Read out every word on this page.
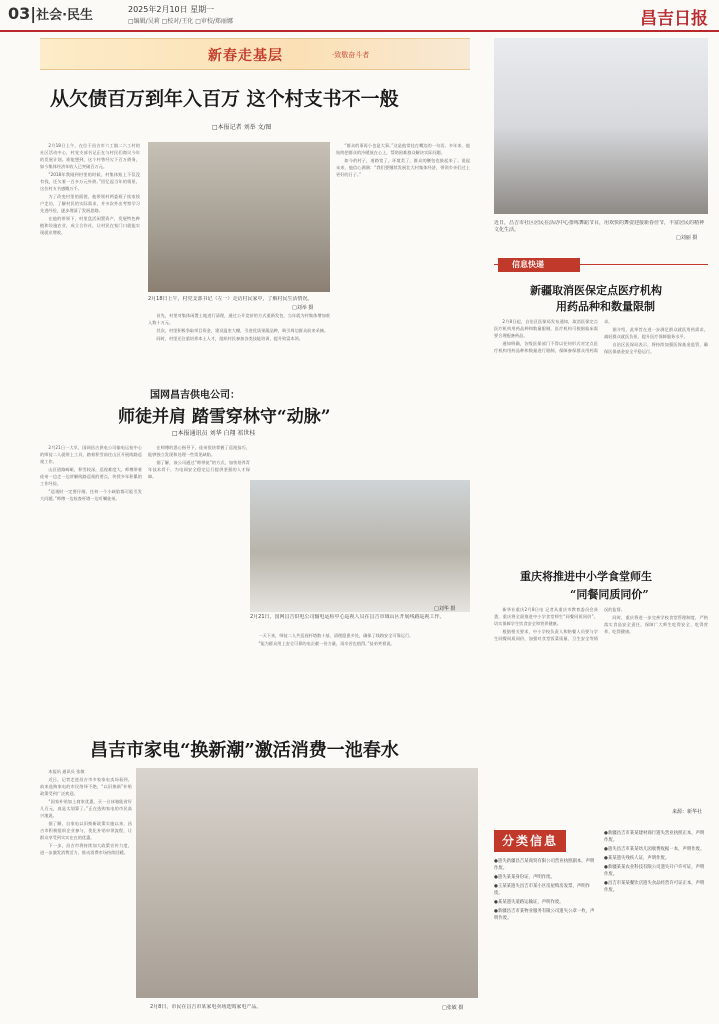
03|社会·民生	2025年2月10日 星期一
□编辑/吴莉 □校对/王化 □审校/郑丽娜	昌吉日报
新春走基层	·致敬奋斗者
从欠债百万到年入百万 这个村支书不一般
□本报记者 刘举 文/图

2月18日上午，在位于昌吉市六工镇二六工村的社区活动中心，村党支部书记正在与村民们商议今年的发展计划。谁能想到，这个村曾经欠下百万债务，如今集体经济年收入已突破百万元。

“2018年我刚到村里的时候，村集体账上不仅没有钱，还欠着一百多万元外债。”回忆起当年的情景，这位村支书感慨万千。

为了改变村里的面貌，他带领村两委班子挨家挨户走访，了解村民的实际需求，并多次外出考察学习先进经验，逐步理清了发展思路。

在他的带领下，村里盘活闲置资产，发展特色种植和设施农业，成立合作社，让村民在家门口就能实现就业增收。

“群众的事再小也是大事。”这是他常挂在嘴边的一句话。多年来，他始终把群众的冷暖放在心上，帮助困难群众解决实际问题。

如今的村子，道路宽了，环境美了，群众的腰包也鼓起来了。说起未来，他信心满满：“我们要继续发展壮大村集体经济，带领乡亲们过上更好的日子。”

2月18日上午，村党支部书记（左一）走访村民家中，了解村民生活情况。
□刘举 摄

首先，村里对集体闲置土地进行清理，通过公开竞价的方式重新发包，当年就为村集体增加收入数十万元。

其次，村里积极争取项目资金，建设温室大棚，引进优质果蔬品种，吸引周边群众前来采摘。

同时，村里还注重培养本土人才，组织村民参加各类技能培训，提升致富本领。

国网昌吉供电公司：
师徒并肩 踏雪穿林守“动脉”
□本报通讯员 刘华 白翔 祁世桂

2月21日一大早，国网昌吉供电公司输电运检中心的师徒二人就带上工具，踏着积雪前往山区开展线路巡视工作。

山区道路崎岖，积雪较深，巡视难度大。师傅带着徒弟一边走一边讲解线路巡视的要点，传授多年积累的工作经验。

“巡视时一定要仔细，任何一个小缺陷都可能引发大问题。”师傅一边检查杆塔一边叮嘱徒弟。

在师傅的悉心指导下，徒弟很快掌握了巡视技巧，能够独立发现和处理一些常见缺陷。

据了解，该公司通过“师带徒”的方式，加快培养青年技术骨干，为电网安全稳定运行提供坚强的人才保障。

□刘华 摄
2月21日，国网昌吉供电公司输电运检中心巡视人员在昌吉市域山区开展线路巡视工作。

一天下来，师徒二人共巡视杆塔数十基，清理隐患多处，确保了线路安全可靠运行。

“能为群众用上安全可靠的电贡献一份力量，再辛苦也值得。”徒弟笑着说。

昌吉市家电“换新潮”激活消费一池春水

本报讯 通讯员 张敏

近日，记者走进昌吉市多家家电卖场看到，前来选购家电的市民络绎不绝，“以旧换新”补贴政策受到广泛欢迎。

“国家补贴加上商家优惠，买一台冰箱能省好几百元，真是太划算了。”正在选购家电的市民高兴地说。

据了解，自家电以旧换新政策实施以来，昌吉市积极组织企业参与，优化补贴申领流程，让群众享受到实实在在的优惠。

下一步，昌吉市将持续加大政策宣传力度，进一步激发消费活力，推动消费市场持续回暖。

2月8日，市民在昌吉市某家电卖场选购家电产品。	□张敏 摄
近日，昌吉市社区居民在活动中心排练舞蹈节目，用欢快的舞姿迎接新春佳节，丰富居民的精神文化生活。
□刘丽 摄
信息快递
新疆取消医保定点医疗机构
用药品种和数量限制

2月8日起，自治区医保局发布通知，取消医保定点医疗机构用药品种和数量限制，医疗机构可根据临床需要合理配备药品。

通知明确，各级医保部门不得以任何形式对定点医疗机构用药品种和数量进行限制，保障参保群众用药需求。

据介绍，此举旨在进一步满足群众就医用药需求，减轻群众就医负担，提升医疗保障服务水平。

自治区医保局表示，将持续加强医保基金监管，确保医保基金安全平稳运行。

重庆将推进中小学食堂师生
“同餐同质同价”

新华社重庆2月8日电 记者从重庆市教育委员会获悉，重庆将全面推进中小学食堂师生“同餐同质同价”，切实保障学生饮食安全和营养健康。

根据相关要求，中小学校负责人和陪餐人员要与学生同餐同质同价，加强对食堂饭菜质量、卫生安全等情况的监督。

同时，重庆将进一步完善学校食堂管理制度，严格落实食品安全责任，保障广大师生吃得安全、吃得营养、吃得健康。

来源：新华社
分类信息
●遗失新疆昌吉某商贸有限公司营业执照副本，声明作废。
●遗失某某身份证，声明作废。
●王某某遗失昌吉市某小区房屋购房发票，声明作废。
●某某遗失道路运输证，声明作废。
●新疆昌吉市某物业服务有限公司遗失公章一枚，声明作废。
●新疆昌吉市某某建材商行遗失营业执照正本，声明作废。
●遗失昌吉市某某幼儿园收费收据一本，声明作废。
●某某遗失残疾人证，声明作废。
●新疆某某农业科技有限公司遗失开户许可证，声明作废。
●昌吉市某某餐饮店遗失食品经营许可证正本，声明作废。
